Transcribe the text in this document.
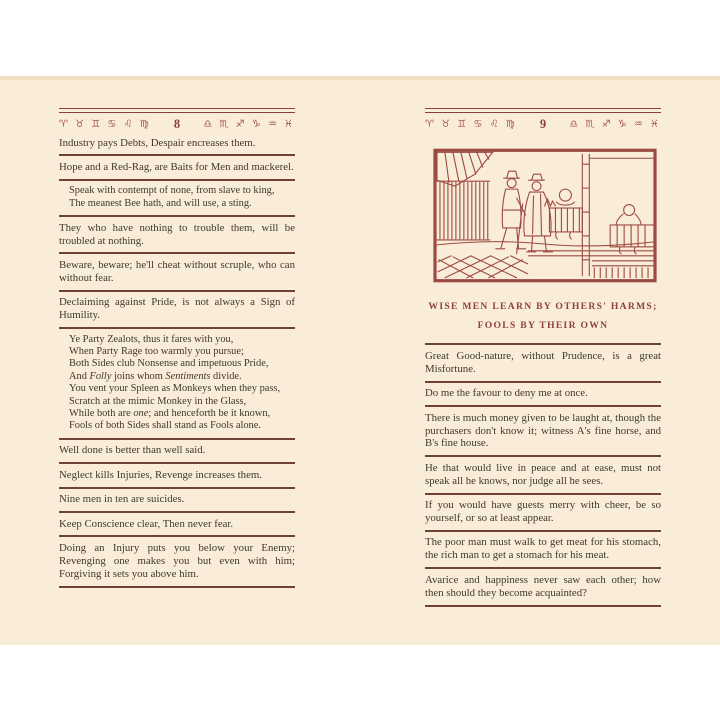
♈ ♉ ♊ ♋ ♌ ♍	8	♎ ♏ ♐ ♑ ♒ ♓
Industry pays Debts, Despair encreases them.
Hope and a Red-Rag, are Baits for Men and mackerel.
Speak with contempt of none, from slave to king,
The meanest Bee hath, and will use, a sting.
They who have nothing to trouble them, will be troubled at nothing.
Beware, beware; he'll cheat without scruple, who can without fear.
Declaiming against Pride, is not always a Sign of Humility.
Ye Party Zealots, thus it fares with you,
When Party Rage too warmly you pursue;
Both Sides club Nonsense and impetuous Pride,
And Folly joins whom Sentiments divide.
You vent your Spleen as Monkeys when they pass,
Scratch at the mimic Monkey in the Glass,
While both are one; and henceforth be it known,
Fools of both Sides shall stand as Fools alone.
Well done is better than well said.
Neglect kills Injuries, Revenge increases them.
Nine men in ten are suicides.
Keep Conscience clear, Then never fear.
Doing an Injury puts you below your Enemy; Revenging one makes you but even with him; Forgiving it sets you above him.
♈ ♉ ♊ ♋ ♌ ♍	9	♎ ♏ ♐ ♑ ♒ ♓
WISE MEN LEARN BY OTHERS' HARMS;
FOOLS BY THEIR OWN
Great Good-nature, without Prudence, is a great Misfortune.
Do me the favour to deny me at once.
There is much money given to be laught at, though the purchasers don't know it; witness A's fine horse, and B's fine house.
He that would live in peace and at ease, must not speak all he knows, nor judge all he sees.
If you would have guests merry with cheer, be so yourself, or so at least appear.
The poor man must walk to get meat for his stomach, the rich man to get a stomach for his meat.
Avarice and happiness never saw each other; how then should they become acquainted?
